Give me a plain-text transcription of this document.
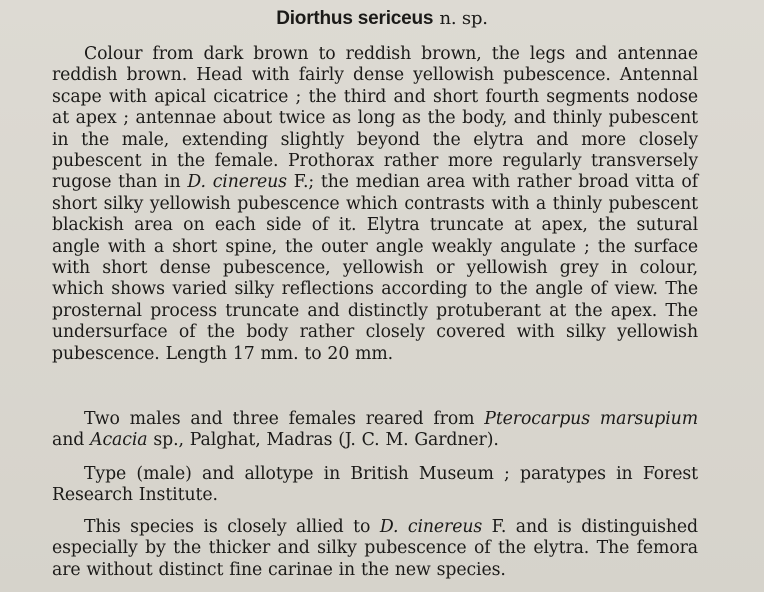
Diorthus sericeus n. sp.

Colour from dark brown to reddish brown, the legs and antennae reddish brown. Head with fairly dense yellowish pubescence. Antennal scape with apical cicatrice ; the third and short fourth segments nodose at apex ; antennae about twice as long as the body, and thinly pubescent in the male, extending slightly beyond the elytra and more closely pubescent in the female. Prothorax rather more regularly transversely rugose than in D. cinereus F.; the median area with rather broad vitta of short silky yellowish pubescence which contrasts with a thinly pubescent blackish area on each side of it. Elytra truncate at apex, the sutural angle with a short spine, the outer angle weakly angulate ; the surface with short dense pubescence, yellowish or yellowish grey in colour, which shows varied silky reflections according to the angle of view. The prosternal process truncate and distinctly protuberant at the apex. The undersurface of the body rather closely covered with silky yellowish pubescence. Length 17 mm. to 20 mm.

Two males and three females reared from Pterocarpus marsupium and Acacia sp., Palghat, Madras (J. C. M. Gardner).

Type (male) and allotype in British Museum ; paratypes in Forest Research Institute.

This species is closely allied to D. cinereus F. and is distinguished especially by the thicker and silky pubescence of the elytra. The femora are without distinct fine carinae in the new species.
